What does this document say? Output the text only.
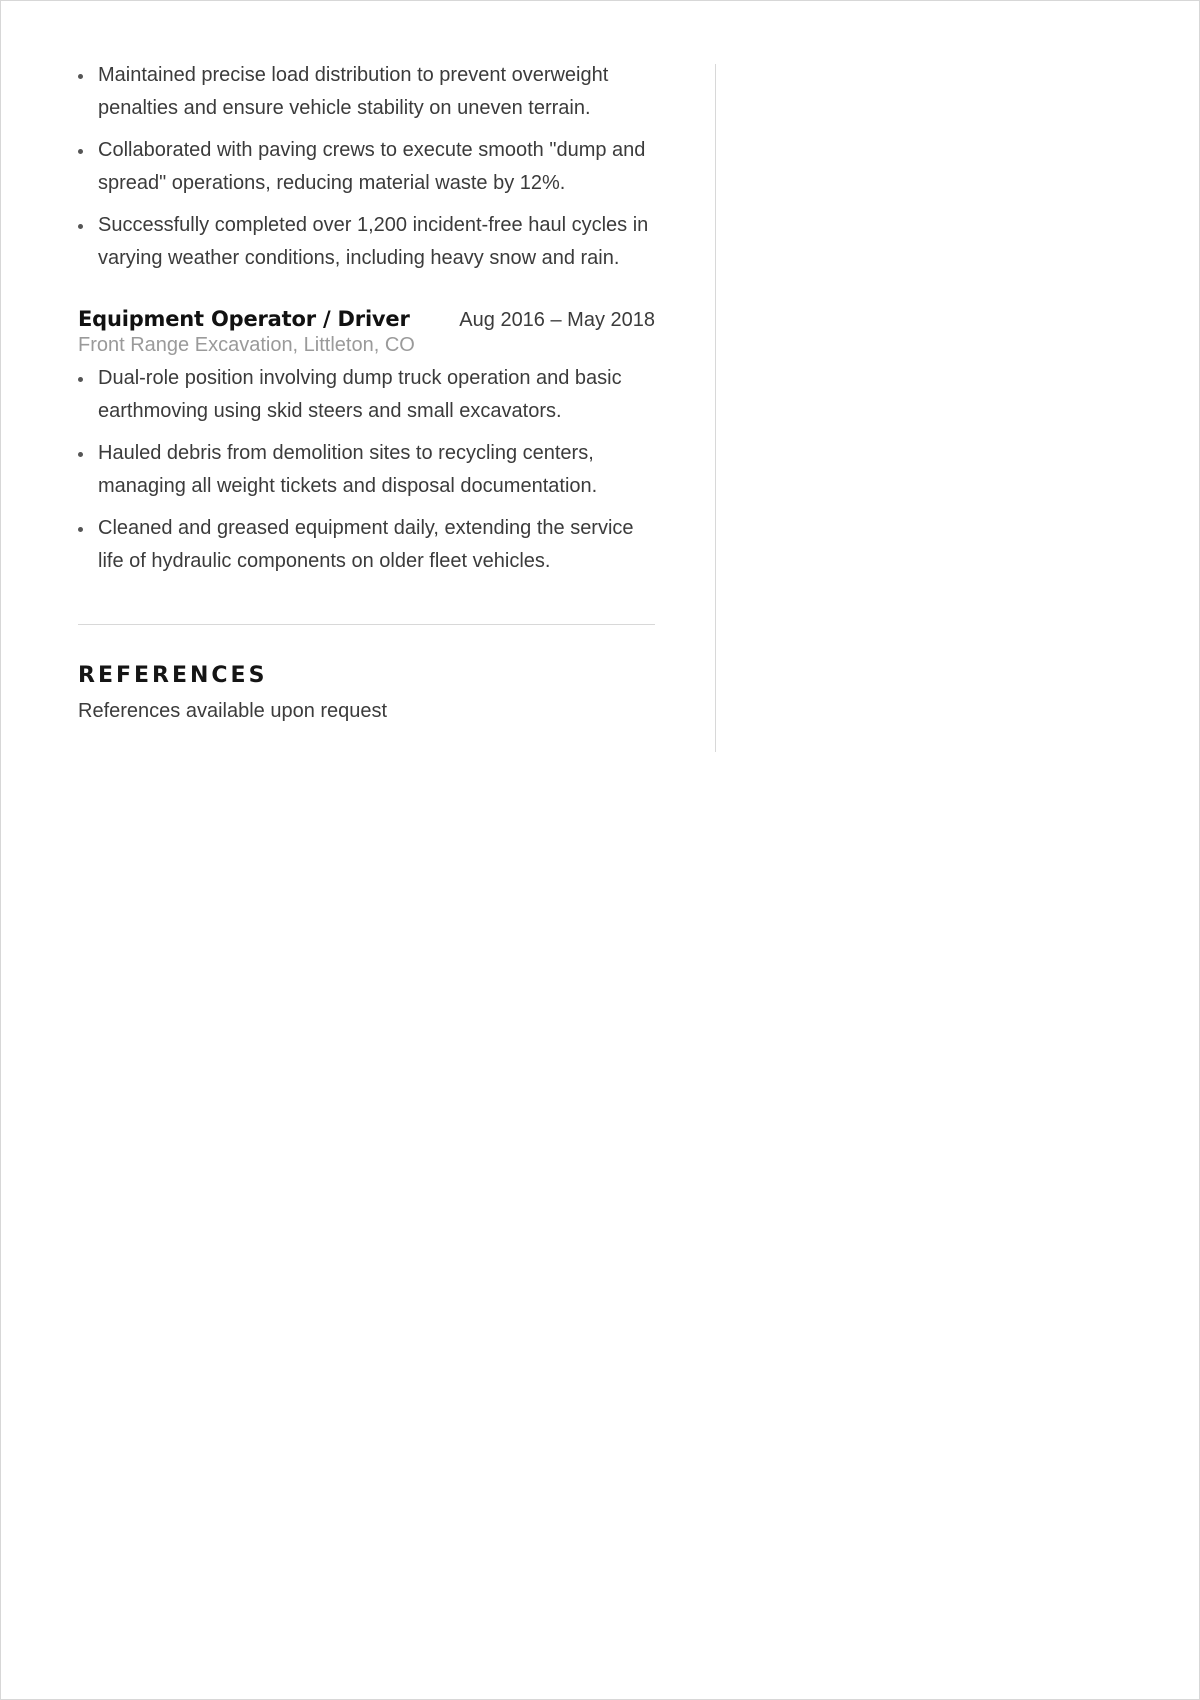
Maintained precise load distribution to prevent overweight penalties and ensure vehicle stability on uneven terrain.
Collaborated with paving crews to execute smooth "dump and spread" operations, reducing material waste by 12%.
Successfully completed over 1,200 incident-free haul cycles in varying weather conditions, including heavy snow and rain.
Equipment Operator / Driver Aug 2016 – May 2018
Front Range Excavation, Littleton, CO
Dual-role position involving dump truck operation and basic earthmoving using skid steers and small excavators.
Hauled debris from demolition sites to recycling centers, managing all weight tickets and disposal documentation.
Cleaned and greased equipment daily, extending the service life of hydraulic components on older fleet vehicles.
REFERENCES
References available upon request
